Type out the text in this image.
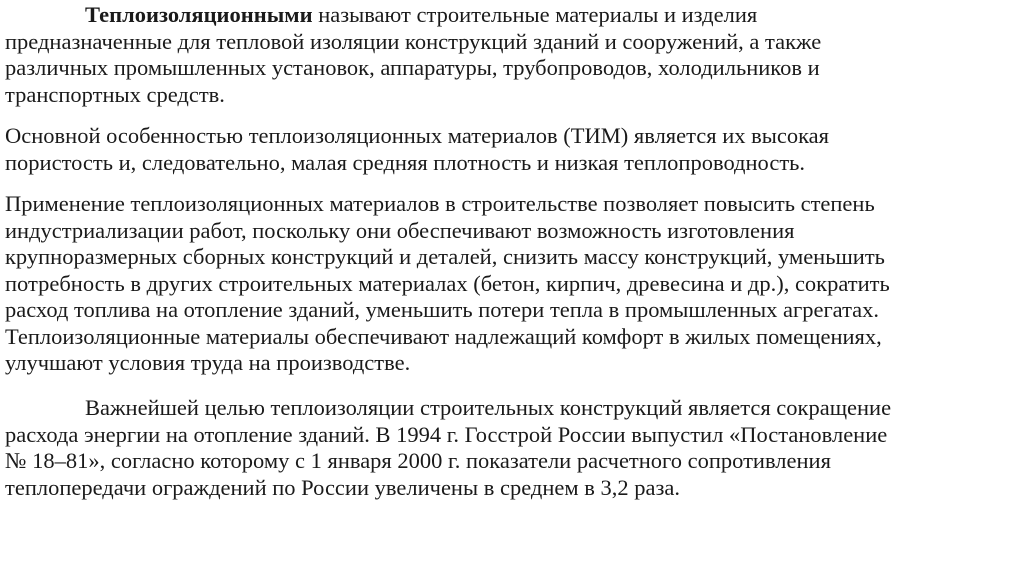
Теплоизоляционными называют строительные материалы и изделия
предназначенные для тепловой изоляции конструкций зданий и сооружений, а также
различных промышленных установок, аппаратуры, трубопроводов, холодильников и
транспортных средств.

Основной особенностью теплоизоляционных материалов (ТИМ) является их высокая
пористость и, следовательно, малая средняя плотность и низкая теплопроводность.

Применение теплоизоляционных материалов в строительстве позволяет повысить степень
индустриализации работ, поскольку они обеспечивают возможность изготовления
крупноразмерных сборных конструкций и деталей, снизить массу конструкций, уменьшить
потребность в других строительных материалах (бетон, кирпич, древесина и др.), сократить
расход топлива на отопление зданий, уменьшить потери тепла в промышленных агрегатах.
Теплоизоляционные материалы обеспечивают надлежащий комфорт в жилых помещениях,
улучшают условия труда на производстве.

Важнейшей целью теплоизоляции строительных конструкций является сокращение
расхода энергии на отопление зданий. В 1994 г. Госстрой России выпустил «Постановление
№ 18–81», согласно которому с 1 января 2000 г. показатели расчетного сопротивления
теплопередачи ограждений по России увеличены в среднем в 3,2 раза.
